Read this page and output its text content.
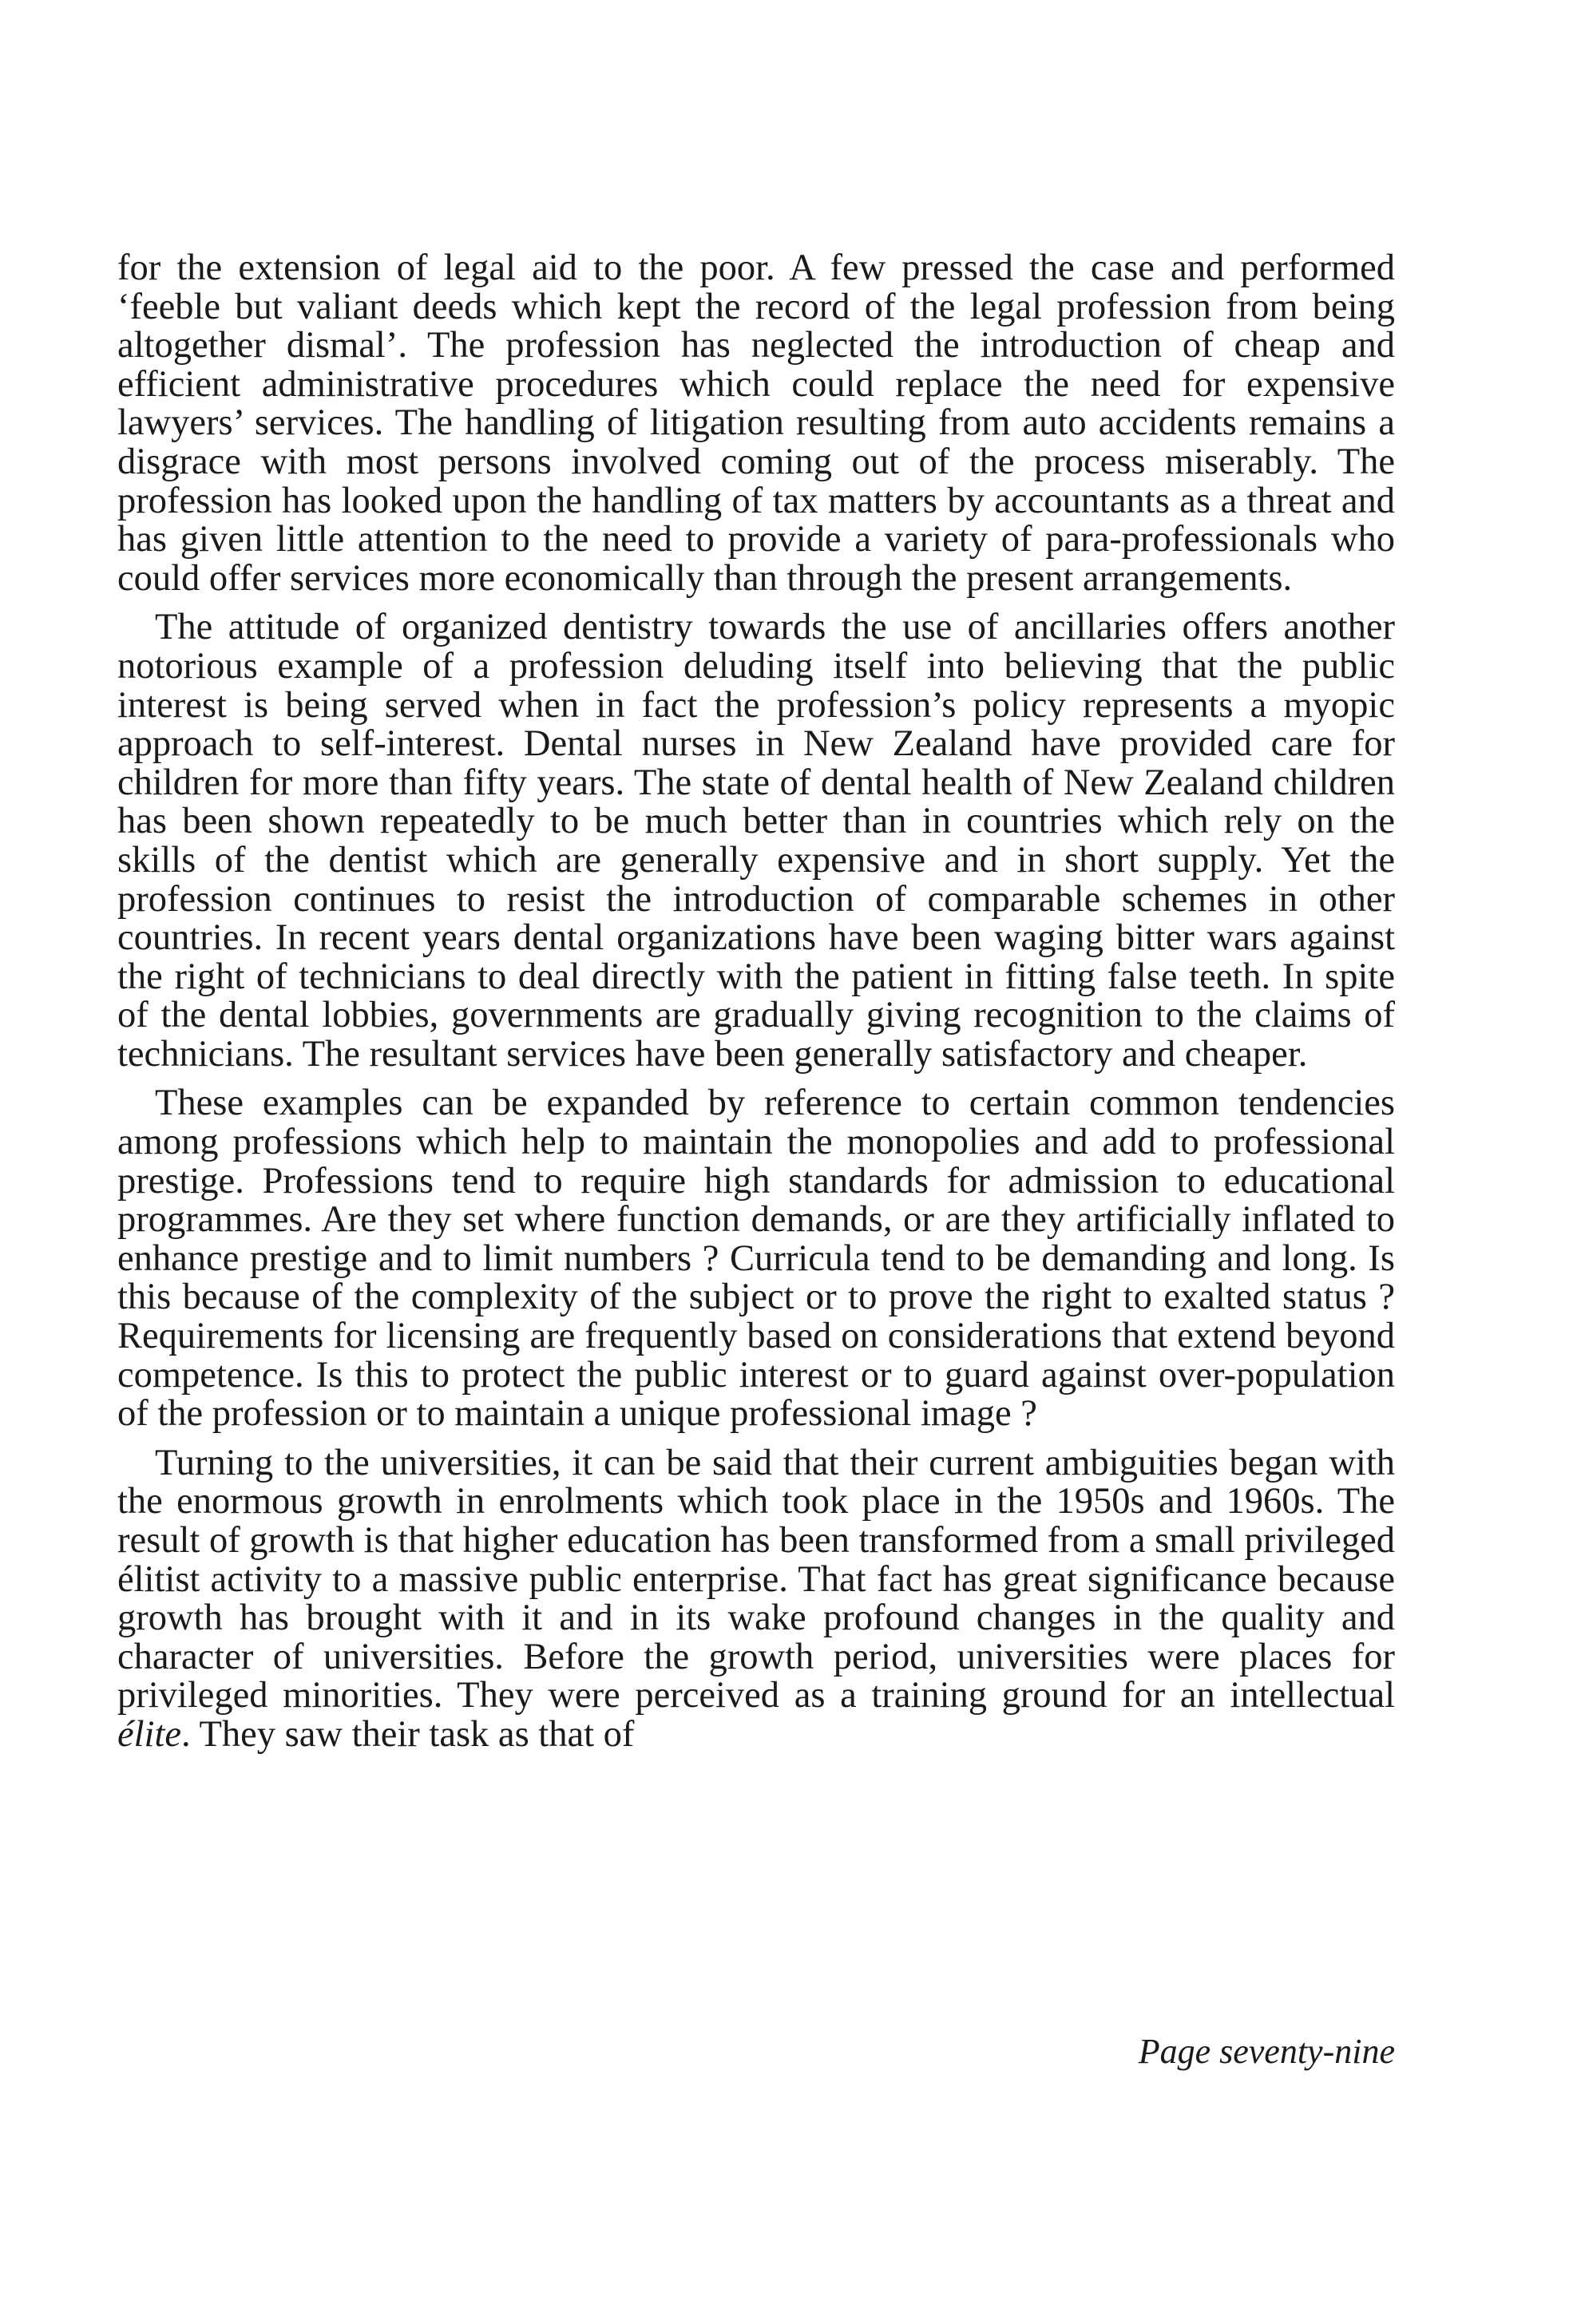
for the extension of legal aid to the poor. A few pressed the case and performed ‘feeble but valiant deeds which kept the record of the legal profession from being altogether dismal’. The profession has neglected the introduction of cheap and efficient administrative procedures which could replace the need for expensive lawyers’ services. The handling of litigation resulting from auto accidents remains a disgrace with most persons involved coming out of the process miserably. The profession has looked upon the handling of tax matters by accountants as a threat and has given little attention to the need to provide a variety of para-professionals who could offer services more economically than through the present arrangements.

The attitude of organized dentistry towards the use of ancillaries offers another notorious example of a profession deluding itself into believing that the public interest is being served when in fact the profession’s policy represents a myopic approach to self-interest. Dental nurses in New Zealand have provided care for children for more than fifty years. The state of dental health of New Zealand children has been shown repeatedly to be much better than in countries which rely on the skills of the dentist which are generally expensive and in short supply. Yet the profession continues to resist the introduction of comparable schemes in other countries. In recent years dental organizations have been waging bitter wars against the right of technicians to deal directly with the patient in fitting false teeth. In spite of the dental lobbies, governments are gradually giving recognition to the claims of technicians. The resultant services have been generally satisfactory and cheaper.

These examples can be expanded by reference to certain common tendencies among professions which help to maintain the monopolies and add to professional prestige. Professions tend to require high standards for admission to educational programmes. Are they set where function demands, or are they artificially inflated to enhance prestige and to limit numbers ? Curricula tend to be demanding and long. Is this because of the complexity of the subject or to prove the right to exalted status ? Requirements for licensing are frequently based on considerations that extend beyond competence. Is this to protect the public interest or to guard against over-population of the profession or to maintain a unique professional image ?

Turning to the universities, it can be said that their current ambiguities began with the enormous growth in enrolments which took place in the 1950s and 1960s. The result of growth is that higher education has been transformed from a small privileged élitist activity to a massive public enterprise. That fact has great significance because growth has brought with it and in its wake profound changes in the quality and character of universities. Before the growth period, universities were places for privileged minorities. They were perceived as a training ground for an intellectual élite. They saw their task as that of

Page seventy-nine
